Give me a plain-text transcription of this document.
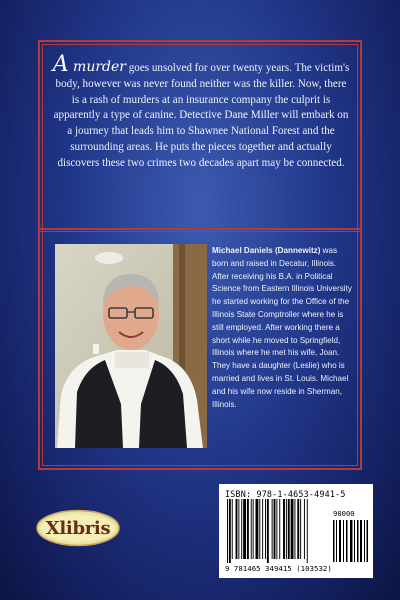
A murder goes unsolved for over twenty years. The victim's body, however was never found neither was the killer. Now, there is a rash of murders at an insurance company the culprit is apparently a type of canine. Detective Dane Miller will embark on a journey that leads him to Shawnee National Forest and the surrounding areas. He puts the pieces together and actually discovers these two crimes two decades apart may be connected.

Michael Daniels (Dannewitz) was born and raised in Decatur, Illinois. After receiving his B.A. in Political Science from Eastern Illinois University he started working for the Office of the Illinois State Comptroller where he is still employed. After working there a short while he moved to Springfield, Illinois where he met his wife, Joan. They have a daughter (Leslie) who is married and lives in St. Louis. Michael and his wife now reside in Sherman, Illinois.

ISBN: 978-1-4653-4941-5
90000
9 781465 349415 (103532)
Xlibris
